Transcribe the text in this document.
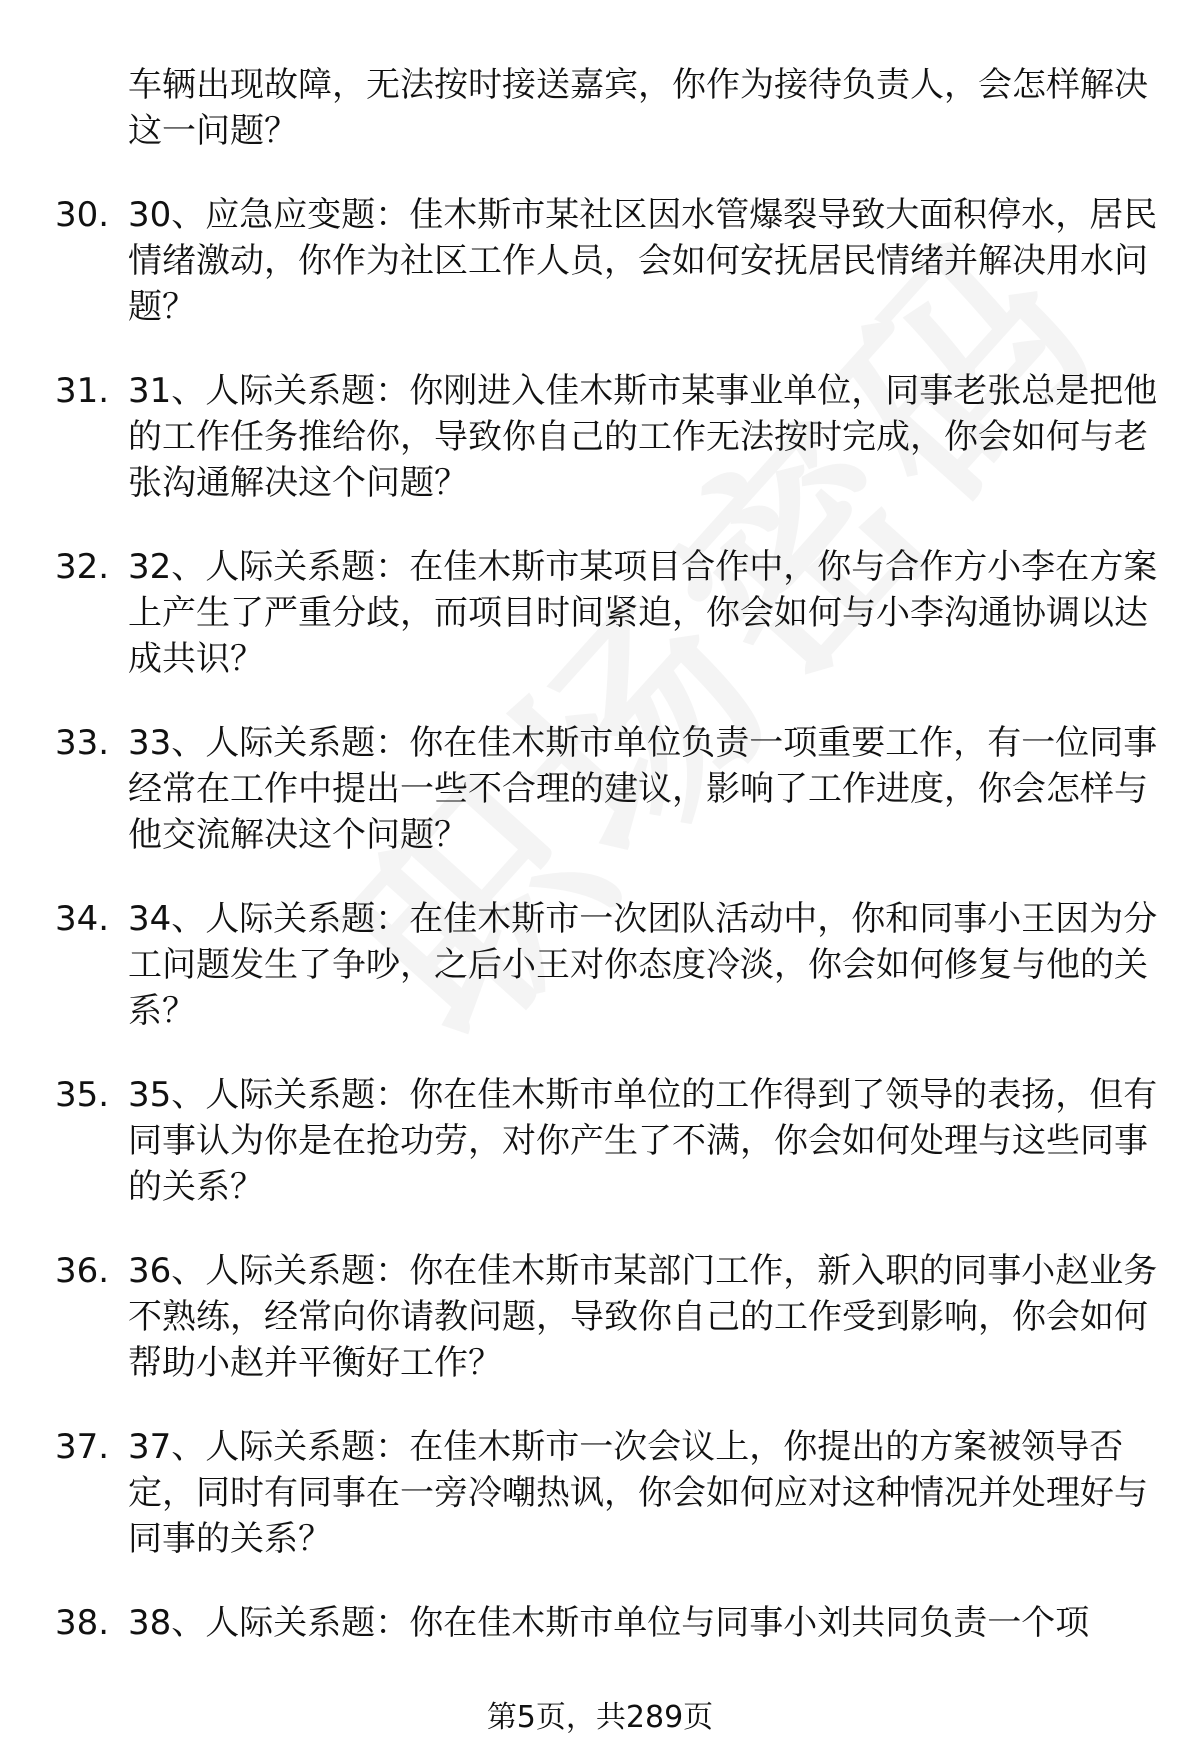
车辆出现故障，无法按时接送嘉宾，你作为接待负责人，会怎样解决这一问题？
30. 30、应急应变题：佳木斯市某社区因水管爆裂导致大面积停水，居民情绪激动，你作为社区工作人员，会如何安抚居民情绪并解决用水问题？
31. 31、人际关系题：你刚进入佳木斯市某事业单位，同事老张总是把他的工作任务推给你，导致你自己的工作无法按时完成，你会如何与老张沟通解决这个问题？
32. 32、人际关系题：在佳木斯市某项目合作中，你与合作方小李在方案上产生了严重分歧，而项目时间紧迫，你会如何与小李沟通协调以达成共识？
33. 33、人际关系题：你在佳木斯市单位负责一项重要工作，有一位同事经常在工作中提出一些不合理的建议，影响了工作进度，你会怎样与他交流解决这个问题？
34. 34、人际关系题：在佳木斯市一次团队活动中，你和同事小王因为分工问题发生了争吵，之后小王对你态度冷淡，你会如何修复与他的关系？
35. 35、人际关系题：你在佳木斯市单位的工作得到了领导的表扬，但有同事认为你是在抢功劳，对你产生了不满，你会如何处理与这些同事的关系？
36. 36、人际关系题：你在佳木斯市某部门工作，新入职的同事小赵业务不熟练，经常向你请教问题，导致你自己的工作受到影响，你会如何帮助小赵并平衡好工作？
37. 37、人际关系题：在佳木斯市一次会议上，你提出的方案被领导否定，同时有同事在一旁冷嘲热讽，你会如何应对这种情况并处理好与同事的关系？
38. 38、人际关系题：你在佳木斯市单位与同事小刘共同负责一个项
第5页，共289页
